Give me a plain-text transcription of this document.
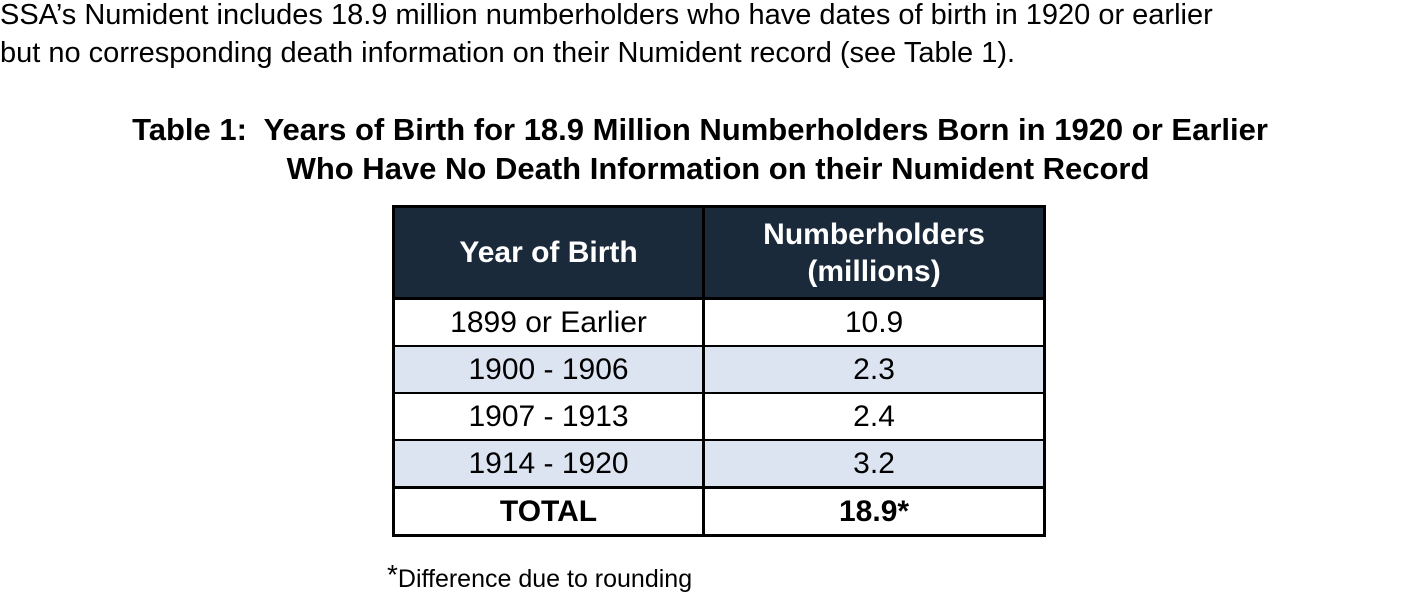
SSA’s Numident includes 18.9 million numberholders who have dates of birth in 1920 or earlier
but no corresponding death information on their Numident record (see Table 1).

Table 1:  Years of Birth for 18.9 Million Numberholders Born in 1920 or Earlier
Who Have No Death Information on their Numident Record

Year of Birth	Numberholders
(millions)
1899 or Earlier	10.9
1900 - 1906	2.3
1907 - 1913	2.4
1914 - 1920	3.2
TOTAL	18.9*

*Difference due to rounding
